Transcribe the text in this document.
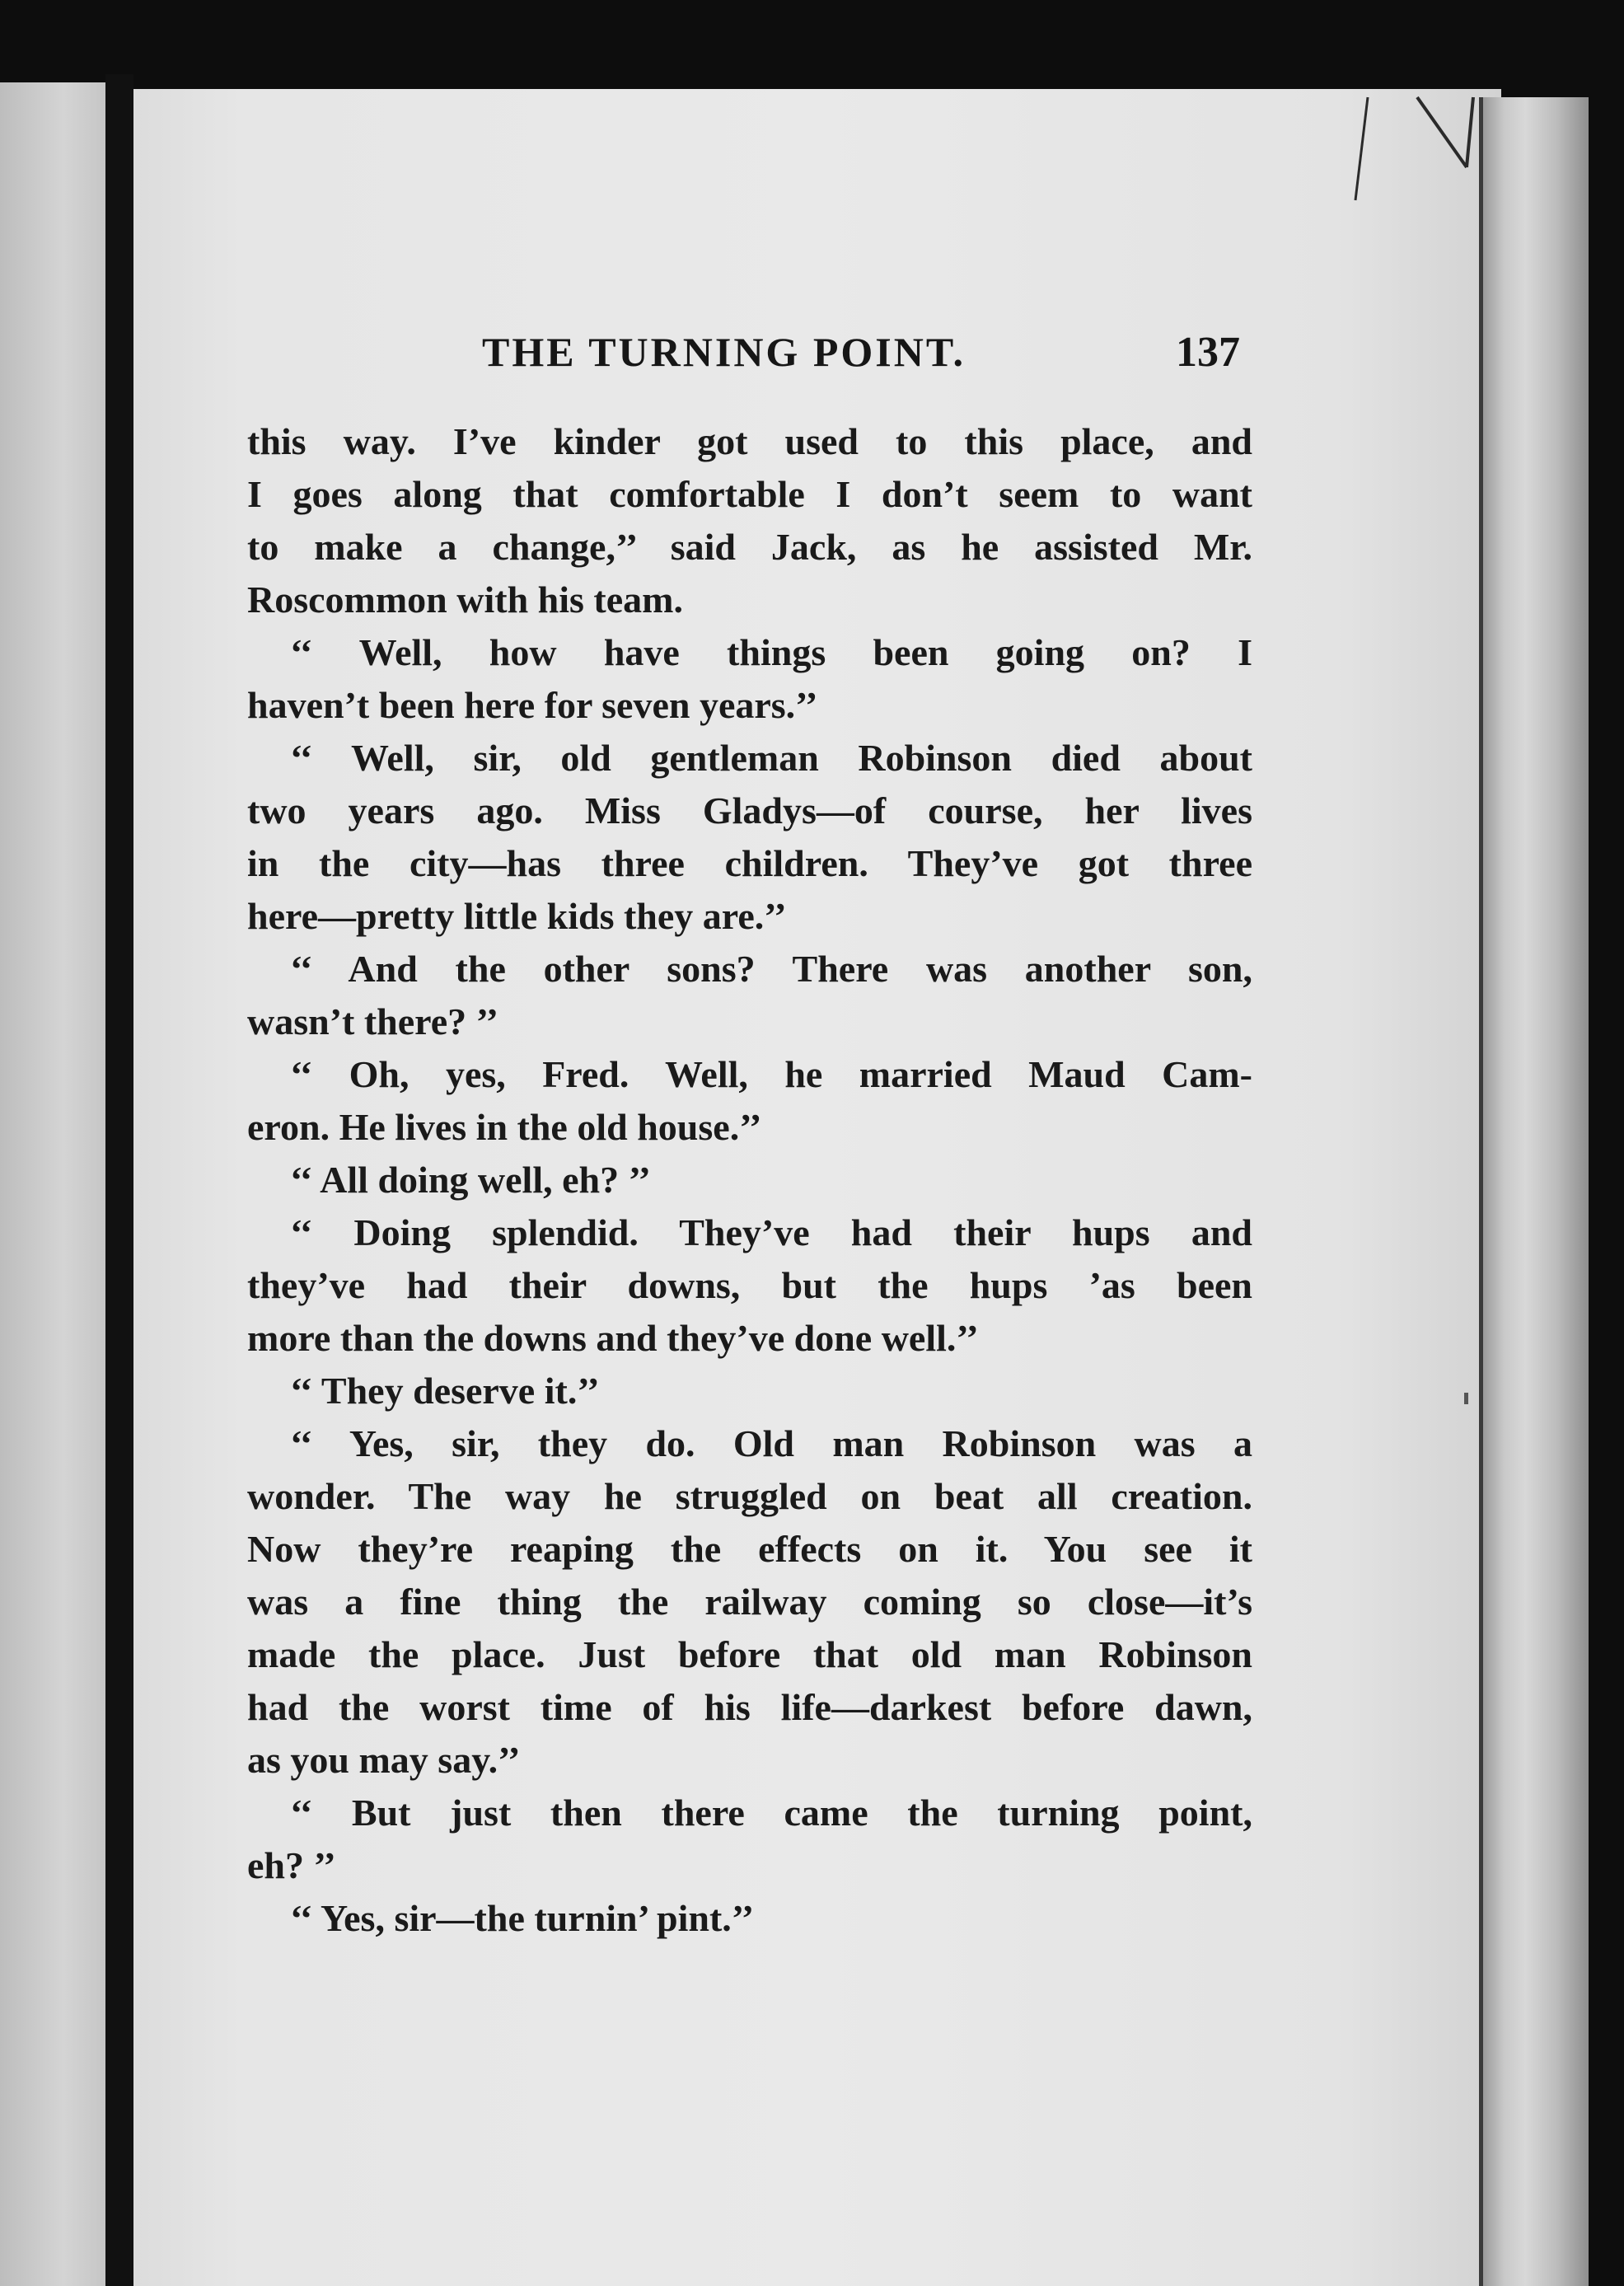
THE TURNING POINT.	137
this way. I’ve kinder got used to this place, and
I goes along that comfortable I don’t seem to want
to make a change,’’ said Jack, as he assisted Mr.
Roscommon with his team.
‘‘ Well, how have things been going on? I
haven’t been here for seven years.’’
‘‘ Well, sir, old gentleman Robinson died about
two years ago. Miss Gladys—of course, her lives
in the city—has three children. They’ve got three
here—pretty little kids they are.’’
‘‘ And the other sons? There was another son,
wasn’t there? ’’
‘‘ Oh, yes, Fred. Well, he married Maud Cam-
eron. He lives in the old house.’’
‘‘ All doing well, eh? ’’
‘‘ Doing splendid. They’ve had their hups and
they’ve had their downs, but the hups ’as been
more than the downs and they’ve done well.’’
‘‘ They deserve it.’’
‘‘ Yes, sir, they do. Old man Robinson was a
wonder. The way he struggled on beat all creation.
Now they’re reaping the effects on it. You see it
was a fine thing the railway coming so close—it’s
made the place. Just before that old man Robinson
had the worst time of his life—darkest before dawn,
as you may say.’’
‘‘ But just then there came the turning point,
eh? ’’
‘‘ Yes, sir—the turnin’ pint.’’
